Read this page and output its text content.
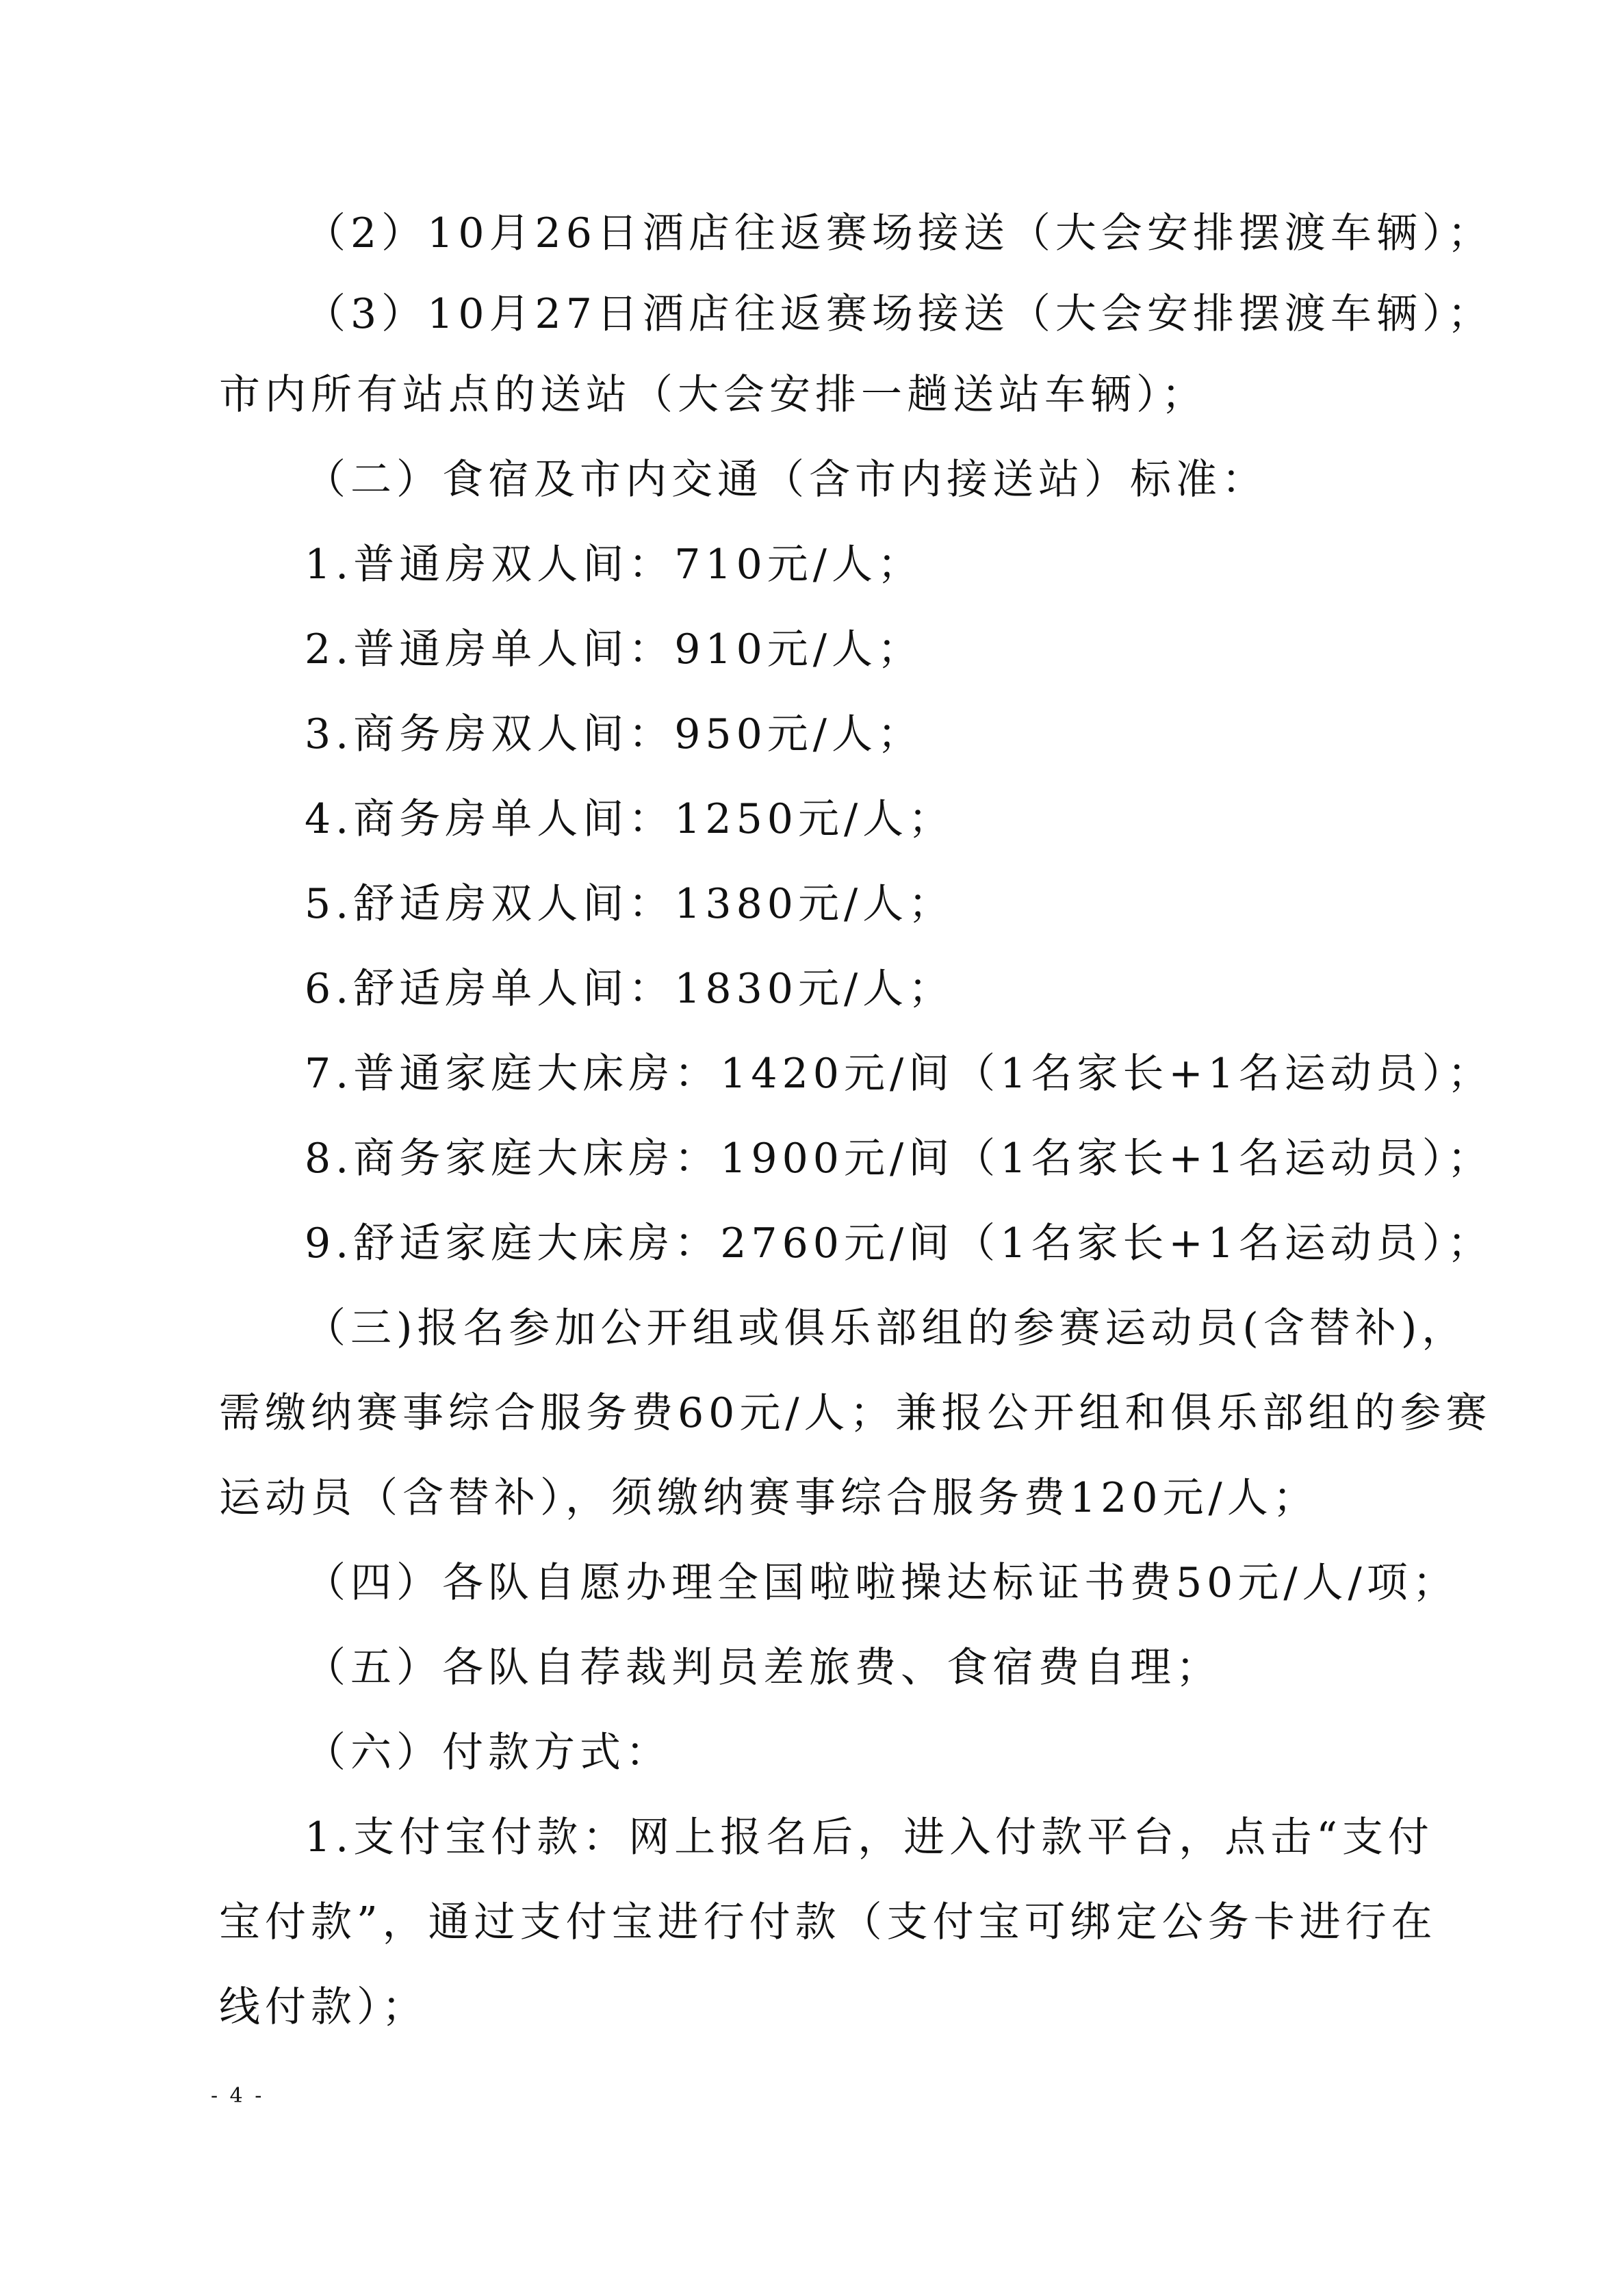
（2）10月26日酒店往返赛场接送（大会安排摆渡车辆）；
（3）10月27日酒店往返赛场接送（大会安排摆渡车辆）；
市内所有站点的送站（大会安排一趟送站车辆）；
（二）食宿及市内交通（含市内接送站）标准：
1.普通房双人间：710元/人；
2.普通房单人间：910元/人；
3.商务房双人间：950元/人；
4.商务房单人间：1250元/人；
5.舒适房双人间：1380元/人；
6.舒适房单人间：1830元/人；
7.普通家庭大床房：1420元/间（1名家长+1名运动员）；
8.商务家庭大床房：1900元/间（1名家长+1名运动员）；
9.舒适家庭大床房：2760元/间（1名家长+1名运动员）；
（三)报名参加公开组或俱乐部组的参赛运动员(含替补)，
需缴纳赛事综合服务费60元/人；兼报公开组和俱乐部组的参赛
运动员（含替补），须缴纳赛事综合服务费120元/人；
（四）各队自愿办理全国啦啦操达标证书费50元/人/项；
（五）各队自荐裁判员差旅费、食宿费自理；
（六）付款方式：
1.支付宝付款：网上报名后，进入付款平台，点击“支付
宝付款”，通过支付宝进行付款（支付宝可绑定公务卡进行在
线付款）；
- 4 -
